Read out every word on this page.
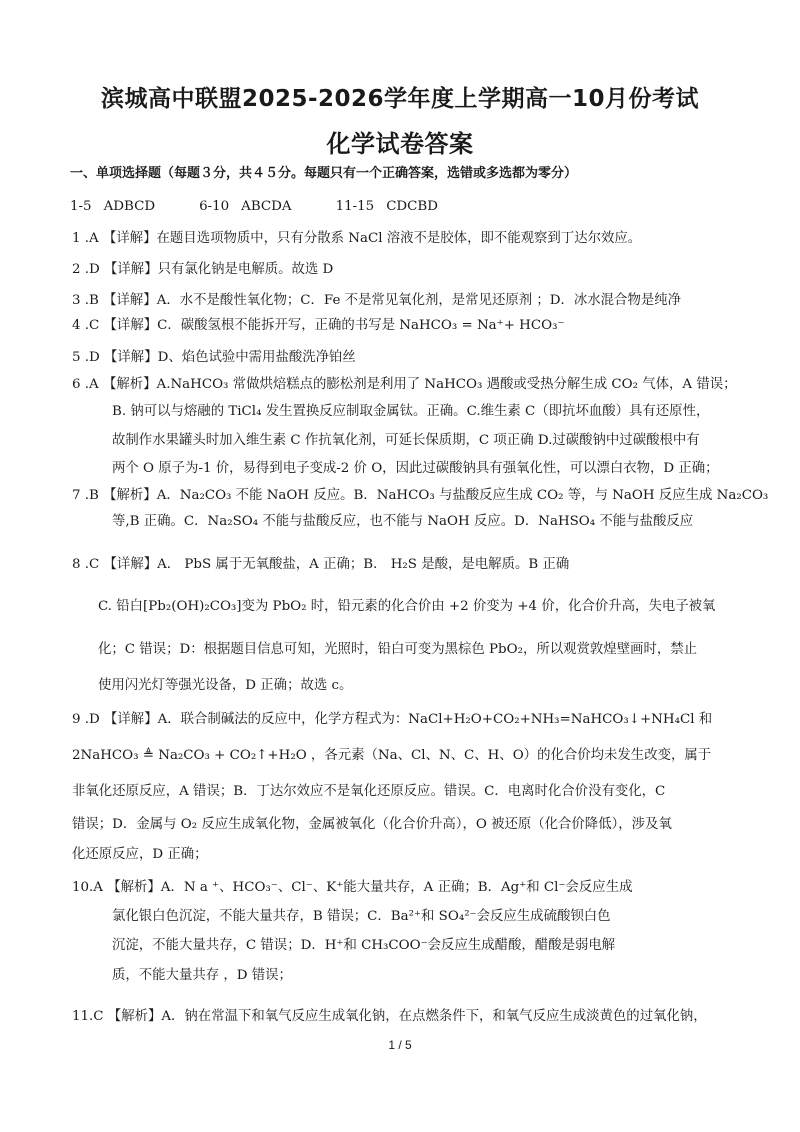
滨城高中联盟2025-2026学年度上学期高一10月份考试
化学试卷答案
一、单项选择题（每题３分，共４５分。每题只有一个正确答案，选错或多选都为零分）
1-5 ADBCD	6-10 ABCDA	11-15 CDCBD
1 .A 【详解】在题目选项物质中，只有分散系 NaCl 溶液不是胶体，即不能观察到丁达尔效应。
2 .D 【详解】只有氯化钠是电解质。故选 D
3 .B 【详解】A．水不是酸性氧化物；C．Fe 不是常见氧化剂，是常见还原剂 ；D．冰水混合物是纯净
4 .C 【详解】C．碳酸氢根不能拆开写，正确的书写是 NaHCO₃ = Na⁺+ HCO₃⁻
5 .D 【详解】D、焰色试验中需用盐酸洗净铂丝
6 .A 【解析】A.NaHCO₃ 常做烘焙糕点的膨松剂是利用了 NaHCO₃ 遇酸或受热分解生成 CO₂ 气体，A 错误；
B. 钠可以与熔融的 TiCl₄ 发生置换反应制取金属钛。正确。C.维生素 C（即抗坏血酸）具有还原性，
故制作水果罐头时加入维生素 C 作抗氧化剂，可延长保质期，C 项正确 D.过碳酸钠中过碳酸根中有
两个 O 原子为-1 价，易得到电子变成-2 价 O，因此过碳酸钠具有强氧化性，可以漂白衣物，D 正确；
7 .B 【解析】A．Na₂CO₃ 不能 NaOH 反应。B．NaHCO₃ 与盐酸反应生成 CO₂ 等，与 NaOH 反应生成 Na₂CO₃
等,B 正确。C．Na₂SO₄ 不能与盐酸反应，也不能与 NaOH 反应。D．NaHSO₄ 不能与盐酸反应
8 .C 【详解】A． PbS 属于无氧酸盐，A 正确；B． H₂S 是酸，是电解质。B 正确
C. 铅白[Pb₂(OH)₂CO₃]变为 PbO₂ 时，铅元素的化合价由 +2 价变为 +4 价，化合价升高，失电子被氧
化；C 错误；D：根据题目信息可知，光照时，铅白可变为黑棕色 PbO₂，所以观赏敦煌壁画时，禁止
使用闪光灯等强光设备，D 正确；故选 c。
9 .D 【详解】A．联合制碱法的反应中，化学方程式为：NaCl+H₂O+CO₂+NH₃=NaHCO₃↓+NH₄Cl 和
2NaHCO₃ ≜ Na₂CO₃ + CO₂↑+H₂O ，各元素（Na、Cl、N、C、H、O）的化合价均未发生改变，属于
非氧化还原反应，A 错误；B．丁达尔效应不是氧化还原反应。错误。C．电离时化合价没有变化，C
错误；D．金属与 O₂ 反应生成氧化物，金属被氧化（化合价升高），O 被还原（化合价降低），涉及氧
化还原反应，D 正确；
10.A 【解析】A．N a ⁺、HCO₃⁻、Cl⁻、K⁺能大量共存，A 正确；B．Ag⁺和 Cl⁻会反应生成
氯化银白色沉淀，不能大量共存，B 错误；C．Ba²⁺和 SO₄²⁻会反应生成硫酸钡白色
沉淀，不能大量共存，C 错误；D．H⁺和 CH₃COO⁻会反应生成醋酸，醋酸是弱电解
质，不能大量共存 ，D 错误；
11.C 【解析】A．钠在常温下和氧气反应生成氧化钠，在点燃条件下，和氧气反应生成淡黄色的过氧化钠，
1 / 5
